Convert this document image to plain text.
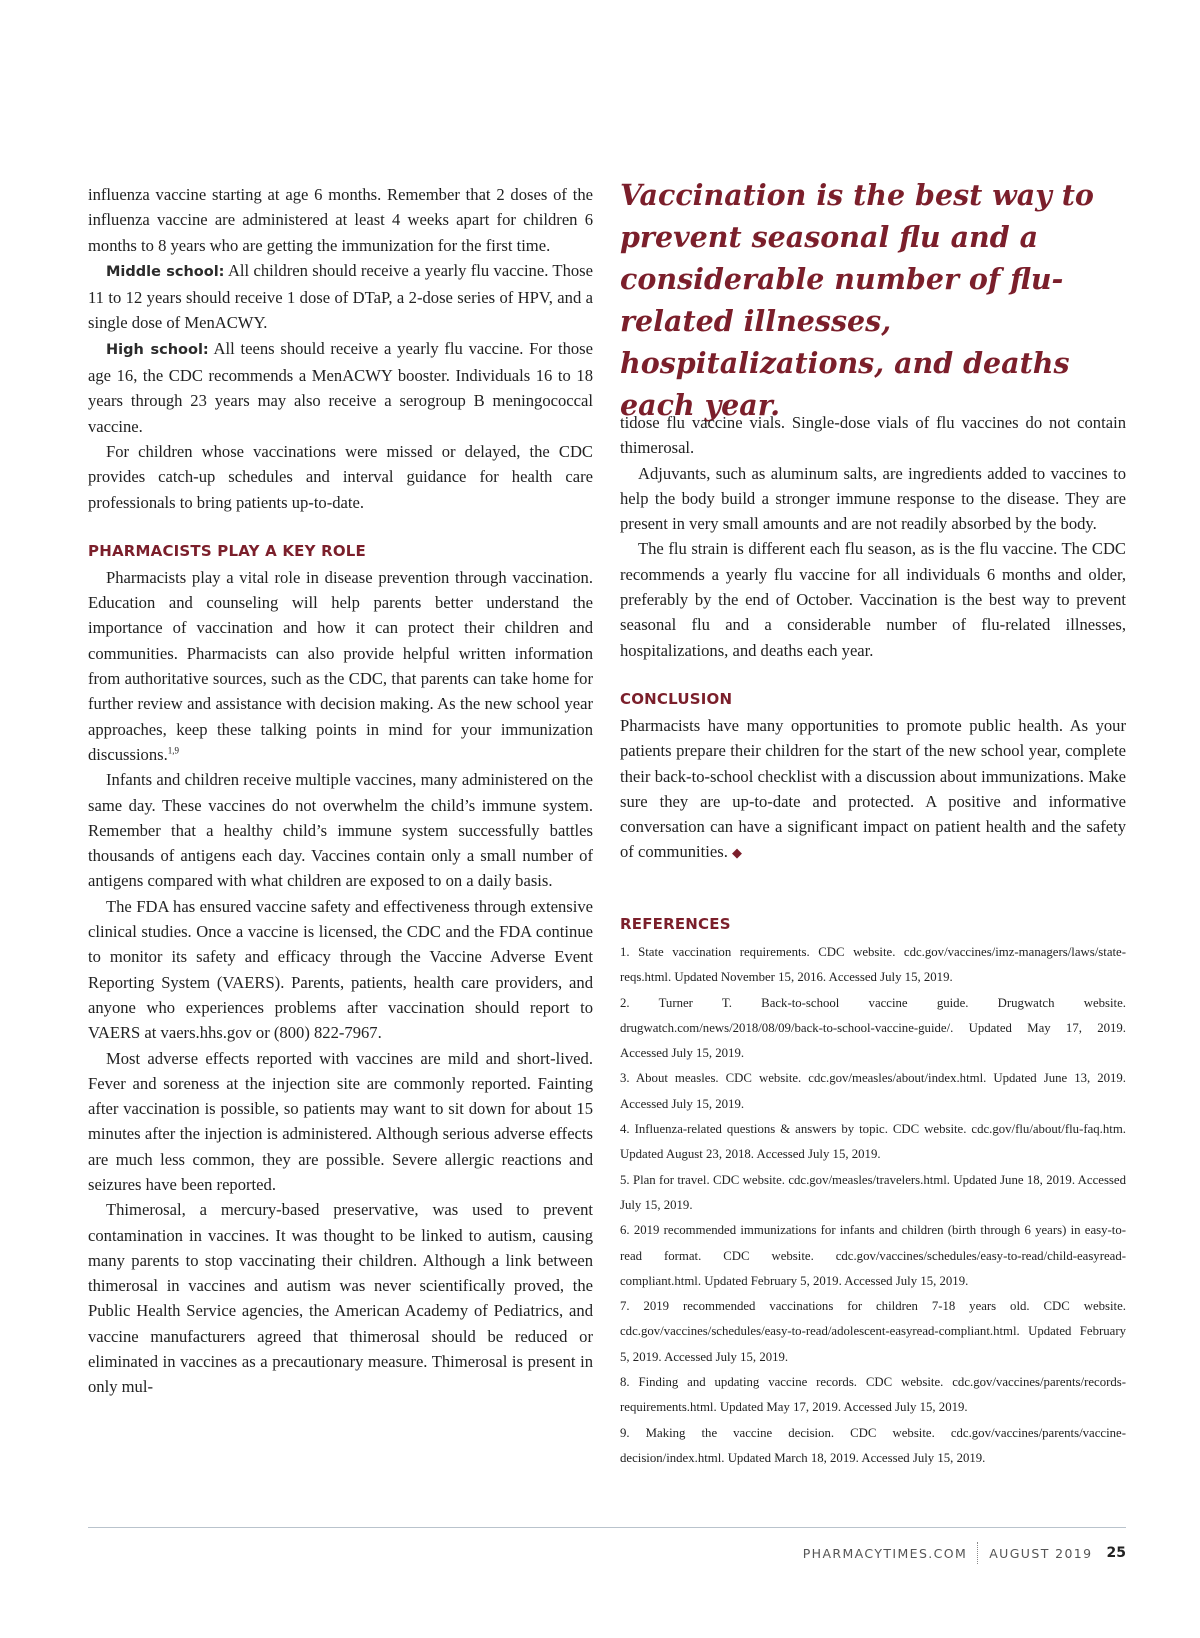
influenza vaccine starting at age 6 months. Remember that 2 doses of the influenza vaccine are administered at least 4 weeks apart for children 6 months to 8 years who are getting the immunization for the first time.

Middle school: All children should receive a yearly flu vaccine. Those 11 to 12 years should receive 1 dose of DTaP, a 2-dose series of HPV, and a single dose of MenACWY.

High school: All teens should receive a yearly flu vaccine. For those age 16, the CDC recommends a MenACWY booster. Individuals 16 to 18 years through 23 years may also receive a serogroup B meningococcal vaccine.

For children whose vaccinations were missed or delayed, the CDC provides catch-up schedules and interval guidance for health care professionals to bring patients up-to-date.

PHARMACISTS PLAY A KEY ROLE

Pharmacists play a vital role in disease prevention through vaccination. Education and counseling will help parents better understand the importance of vaccination and how it can protect their children and communities. Pharmacists can also provide helpful written information from authoritative sources, such as the CDC, that parents can take home for further review and assistance with decision making. As the new school year approaches, keep these talking points in mind for your immunization discussions.$^{1,9}$

Infants and children receive multiple vaccines, many administered on the same day. These vaccines do not overwhelm the child’s immune system. Remember that a healthy child’s immune system successfully battles thousands of antigens each day. Vaccines contain only a small number of antigens compared with what children are exposed to on a daily basis.

The FDA has ensured vaccine safety and effectiveness through extensive clinical studies. Once a vaccine is licensed, the CDC and the FDA continue to monitor its safety and efficacy through the Vaccine Adverse Event Reporting System (VAERS). Parents, patients, health care providers, and anyone who experiences problems after vaccination should report to VAERS at vaers.hhs.gov or (800) 822-7967.

Most adverse effects reported with vaccines are mild and short-lived. Fever and soreness at the injection site are commonly reported. Fainting after vaccination is possible, so patients may want to sit down for about 15 minutes after the injection is administered. Although serious adverse effects are much less common, they are possible. Severe allergic reactions and seizures have been reported.

Thimerosal, a mercury-based preservative, was used to prevent contamination in vaccines. It was thought to be linked to autism, causing many parents to stop vaccinating their children. Although a link between thimerosal in vaccines and autism was never scientifically proved, the Public Health Service agencies, the American Academy of Pediatrics, and vaccine manufacturers agreed that thimerosal should be reduced or eliminated in vaccines as a precautionary measure. Thimerosal is present in only mul-

Vaccination is the best way to prevent seasonal flu and a considerable number of flu-related illnesses, hospitalizations, and deaths each year.

tidose flu vaccine vials. Single-dose vials of flu vaccines do not contain thimerosal.

Adjuvants, such as aluminum salts, are ingredients added to vaccines to help the body build a stronger immune response to the disease. They are present in very small amounts and are not readily absorbed by the body.

The flu strain is different each flu season, as is the flu vaccine. The CDC recommends a yearly flu vaccine for all individuals 6 months and older, preferably by the end of October. Vaccination is the best way to prevent seasonal flu and a considerable number of flu-related illnesses, hospitalizations, and deaths each year.

CONCLUSION

Pharmacists have many opportunities to promote public health. As your patients prepare their children for the start of the new school year, complete their back-to-school checklist with a discussion about immunizations. Make sure they are up-to-date and protected. A positive and informative conversation can have a significant impact on patient health and the safety of communities. ◆

REFERENCES

1. State vaccination requirements. CDC website. cdc.gov/vaccines/imz-managers/laws/state-reqs.html. Updated November 15, 2016. Accessed July 15, 2019.

2. Turner T. Back-to-school vaccine guide. Drugwatch website. drugwatch.com/news/2018/08/09/back-to-school-vaccine-guide/. Updated May 17, 2019. Accessed July 15, 2019.

3. About measles. CDC website. cdc.gov/measles/about/index.html. Updated June 13, 2019. Accessed July 15, 2019.

4. Influenza-related questions & answers by topic. CDC website. cdc.gov/flu/about/flu-faq.htm. Updated August 23, 2018. Accessed July 15, 2019.

5. Plan for travel. CDC website. cdc.gov/measles/travelers.html. Updated June 18, 2019. Accessed July 15, 2019.

6. 2019 recommended immunizations for infants and children (birth through 6 years) in easy-to-read format. CDC website. cdc.gov/vaccines/schedules/easy-to-read/child-easyread-compliant.html. Updated February 5, 2019. Accessed July 15, 2019.

7. 2019 recommended vaccinations for children 7-18 years old. CDC website. cdc.gov/vaccines/schedules/easy-to-read/adolescent-easyread-compliant.html. Updated February 5, 2019. Accessed July 15, 2019.

8. Finding and updating vaccine records. CDC website. cdc.gov/vaccines/parents/records-requirements.html. Updated May 17, 2019. Accessed July 15, 2019.

9. Making the vaccine decision. CDC website. cdc.gov/vaccines/parents/vaccine-decision/index.html. Updated March 18, 2019. Accessed July 15, 2019.

PHARMACYTIMES.COM AUGUST 2019 25
